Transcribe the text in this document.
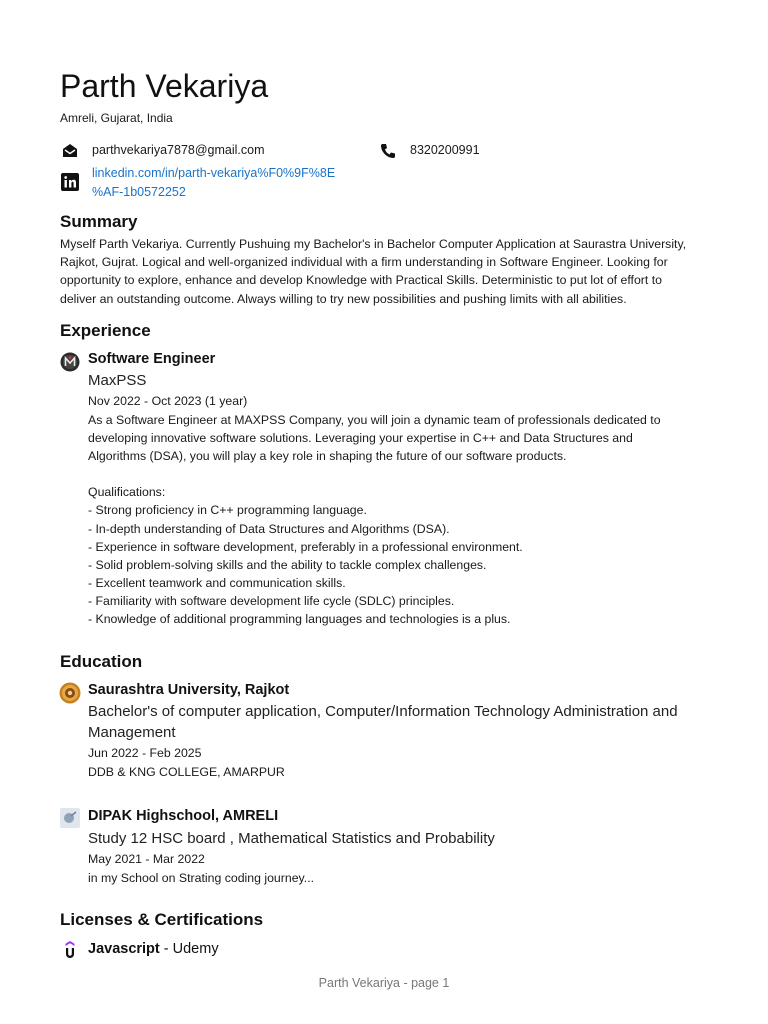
Parth Vekariya
Amreli, Gujarat, India
parthvekariya7878@gmail.com	8320200991
linkedin.com/in/parth-vekariya%F0%9F%8E
%AF-1b0572252
Summary
Myself Parth Vekariya. Currently Pushuing my Bachelor's in Bachelor Computer Application at Saurastra University, Rajkot, Gujrat. Logical and well-organized individual with a firm understanding in Software Engineer. Looking for opportunity to explore, enhance and develop Knowledge with Practical Skills. Deterministic to put lot of effort to deliver an outstanding outcome. Always willing to try new possibilities and pushing limits with all abilities.
Experience
Software Engineer
MaxPSS
Nov 2022 - Oct 2023 (1 year)
As a Software Engineer at MAXPSS Company, you will join a dynamic team of professionals dedicated to developing innovative software solutions. Leveraging your expertise in C++ and Data Structures and Algorithms (DSA), you will play a key role in shaping the future of our software products.

Qualifications:
- Strong proficiency in C++ programming language.
- In-depth understanding of Data Structures and Algorithms (DSA).
- Experience in software development, preferably in a professional environment.
- Solid problem-solving skills and the ability to tackle complex challenges.
- Excellent teamwork and communication skills.
- Familiarity with software development life cycle (SDLC) principles.
- Knowledge of additional programming languages and technologies is a plus.
Education
Saurashtra University, Rajkot
Bachelor's of computer application, Computer/Information Technology Administration and Management
Jun 2022 - Feb 2025
DDB & KNG COLLEGE, AMARPUR
DIPAK Highschool, AMRELI
Study 12 HSC board , Mathematical Statistics and Probability
May 2021 - Mar 2022
in my School on Strating coding journey...
Licenses & Certifications
Javascript - Udemy
Parth Vekariya - page 1
